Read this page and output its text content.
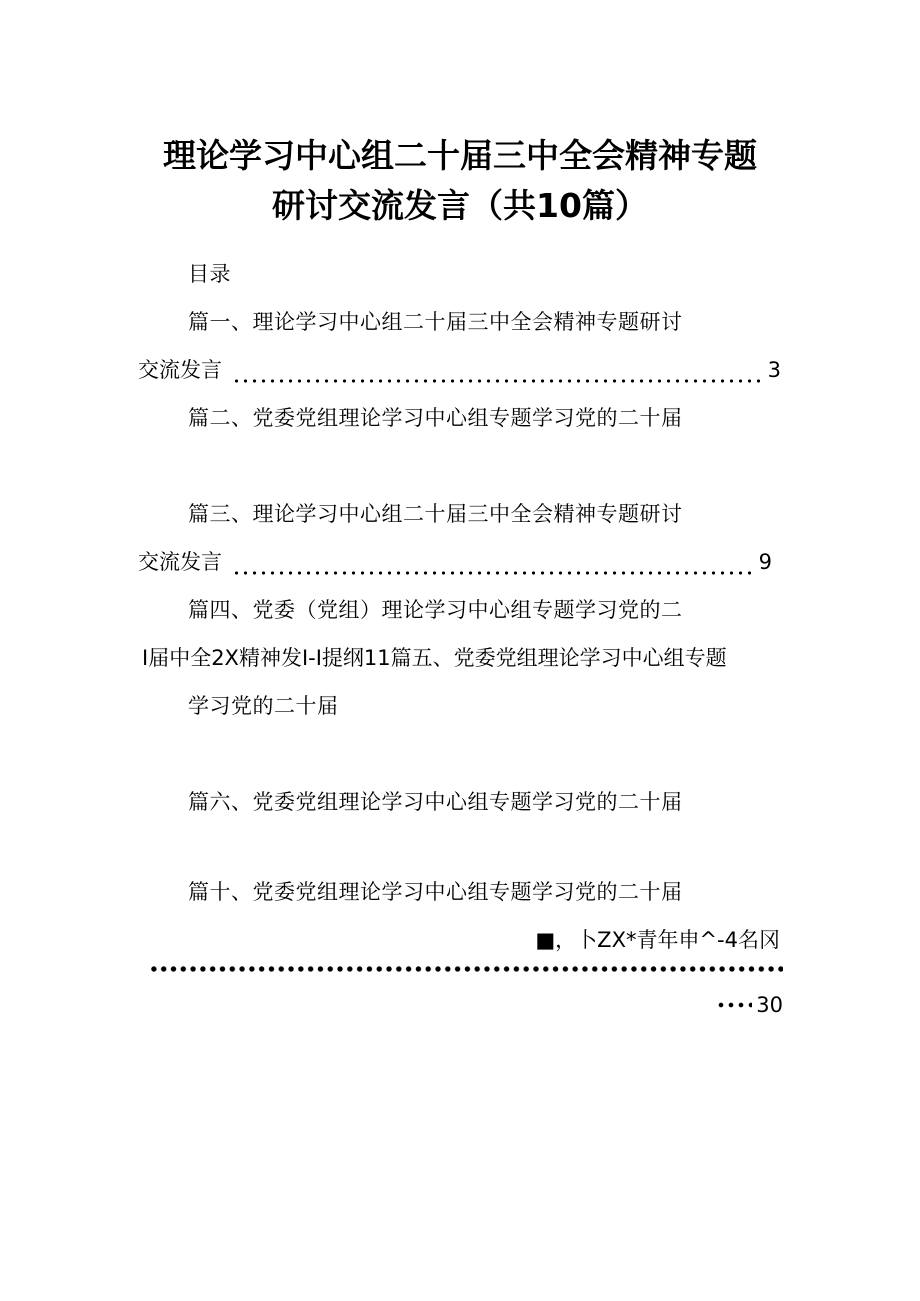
理论学习中心组二十届三中全会精神专题
研讨交流发言（共10篇）
目录
篇一、理论学习中心组二十届三中全会精神专题研讨
交流发言	3
篇二、党委党组理论学习中心组专题学习党的二十届
篇三、理论学习中心组二十届三中全会精神专题研讨
交流发言	9
篇四、党委（党组）理论学习中心组专题学习党的二
I届中全2X精神发I-I提纲11篇五、党委党组理论学习中心组专题
学习党的二十届
篇六、党委党组理论学习中心组专题学习党的二十届
篇十、党委党组理论学习中心组专题学习党的二十届
■，卜ZX*青年申^-4名冈
30
